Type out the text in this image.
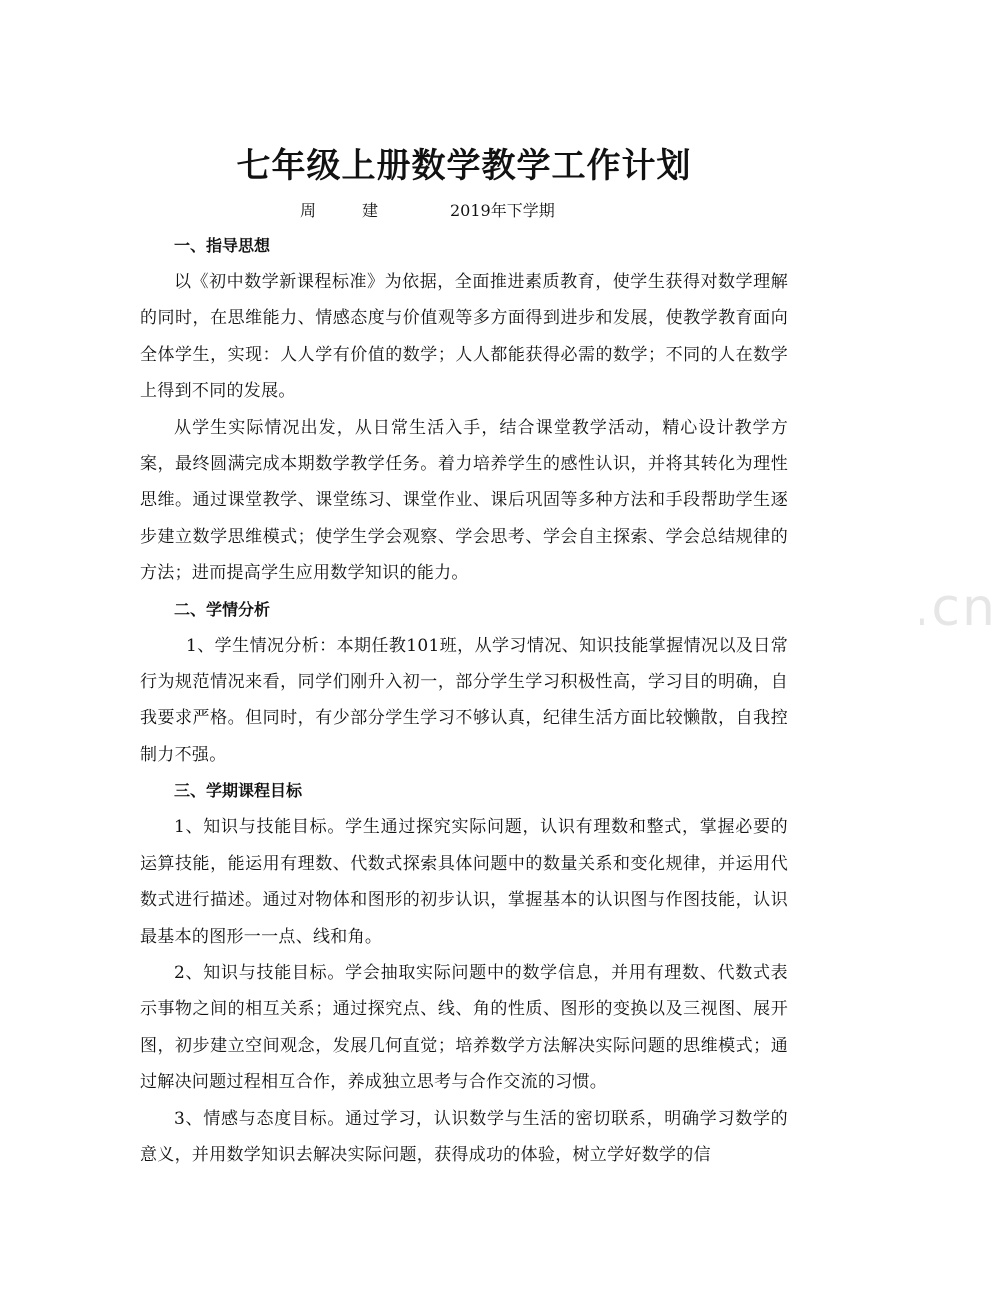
www.zixin.com.cn
七年级上册数学教学工作计划
周	建	2019年下学期
一、指导思想

以《初中数学新课程标准》为依据，全面推进素质教育，使学生获得对数学理解的同时，在思维能力、情感态度与价值观等多方面得到进步和发展，使教学教育面向全体学生，实现：人人学有价值的数学；人人都能获得必需的数学；不同的人在数学上得到不同的发展。

从学生实际情况出发，从日常生活入手，结合课堂教学活动，精心设计教学方案，最终圆满完成本期数学教学任务。着力培养学生的感性认识，并将其转化为理性思维。通过课堂教学、课堂练习、课堂作业、课后巩固等多种方法和手段帮助学生逐步建立数学思维模式；使学生学会观察、学会思考、学会自主探索、学会总结规律的方法；进而提高学生应用数学知识的能力。

二、学情分析

1、学生情况分析：本期任教101班，从学习情况、知识技能掌握情况以及日常行为规范情况来看，同学们刚升入初一，部分学生学习积极性高，学习目的明确，自我要求严格。但同时，有少部分学生学习不够认真，纪律生活方面比较懒散，自我控制力不强。

三、学期课程目标

1、知识与技能目标。学生通过探究实际问题，认识有理数和整式，掌握必要的运算技能，能运用有理数、代数式探索具体问题中的数量关系和变化规律，并运用代数式进行描述。通过对物体和图形的初步认识，掌握基本的认识图与作图技能，认识最基本的图形一一点、线和角。

2、知识与技能目标。学会抽取实际问题中的数学信息，并用有理数、代数式表示事物之间的相互关系；通过探究点、线、角的性质、图形的变换以及三视图、展开图，初步建立空间观念，发展几何直觉；培养数学方法解决实际问题的思维模式；通过解决问题过程相互合作，养成独立思考与合作交流的习惯。

3、情感与态度目标。通过学习，认识数学与生活的密切联系，明确学习数学的意义，并用数学知识去解决实际问题，获得成功的体验，树立学好数学的信
